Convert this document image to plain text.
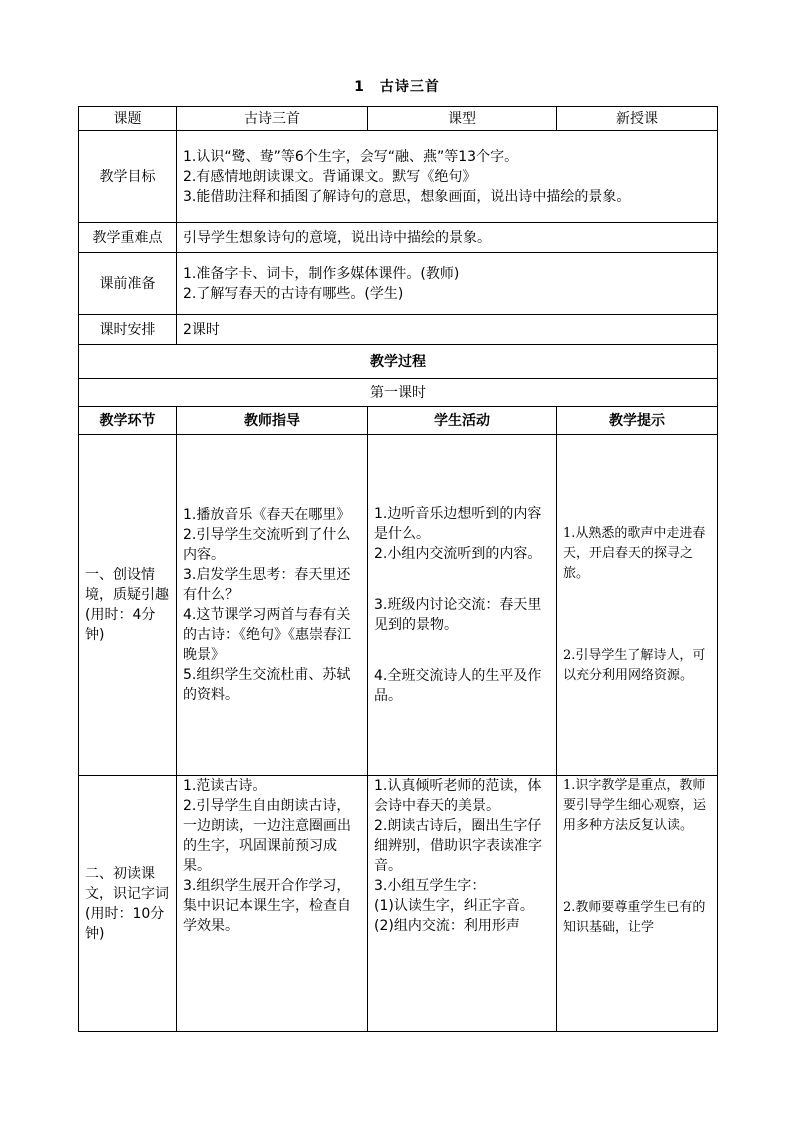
1　古诗三首
课题	古诗三首	课型	新授课
教学目标	1.认识“鹭、鸯”等6个生字，会写“融、燕”等13个字。
2.有感情地朗读课文。背诵课文。默写《绝句》
3.能借助注释和插图了解诗句的意思，想象画面，说出诗中描绘的景象。		

教学重难点	引导学生想象诗句的意境，说出诗中描绘的景象。		
课前准备	1.准备字卡、词卡，制作多媒体课件。(教师)
2.了解写春天的古诗有哪些。(学生)		

课时安排	2课时		
教学过程			
第一课时			
教学环节	教师指导	学生活动	教学提示
一、创设情境，质疑引趣(用时：4分钟)	1.播放音乐《春天在哪里》
2.引导学生交流听到了什么内容。
3.启发学生思考：春天里还有什么？
4.这节课学习两首与春有关的古诗：《绝句》《惠崇春江晚景》
5.组织学生交流杜甫、苏轼的资料。	1.边听音乐边想听到的内容是什么。
2.小组内交流听到的内容。
3.班级内讨论交流：春天里见到的景物。
4.全班交流诗人的生平及作品。	1.从熟悉的歌声中走进春天，开启春天的探寻之旅。
2.引导学生了解诗人，可以充分利用网络资源。

二、初读课文，识记字词(用时：10分钟)	1.范读古诗。
2.引导学生自由朗读古诗，一边朗读，一边注意圈画出的生字，巩固课前预习成果。
3.组织学生展开合作学习，集中识记本课生字，检查自学效果。	1.认真倾听老师的范读，体会诗中春天的美景。
2.朗读古诗后，圈出生字仔细辨别，借助识字表读准字音。
3.小组互学生字：
(1)认读生字，纠正字音。
(2)组内交流：利用形声	1.识字教学是重点，教师要引导学生细心观察，运用多种方法反复认读。
2.教师要尊重学生已有的知识基础，让学
